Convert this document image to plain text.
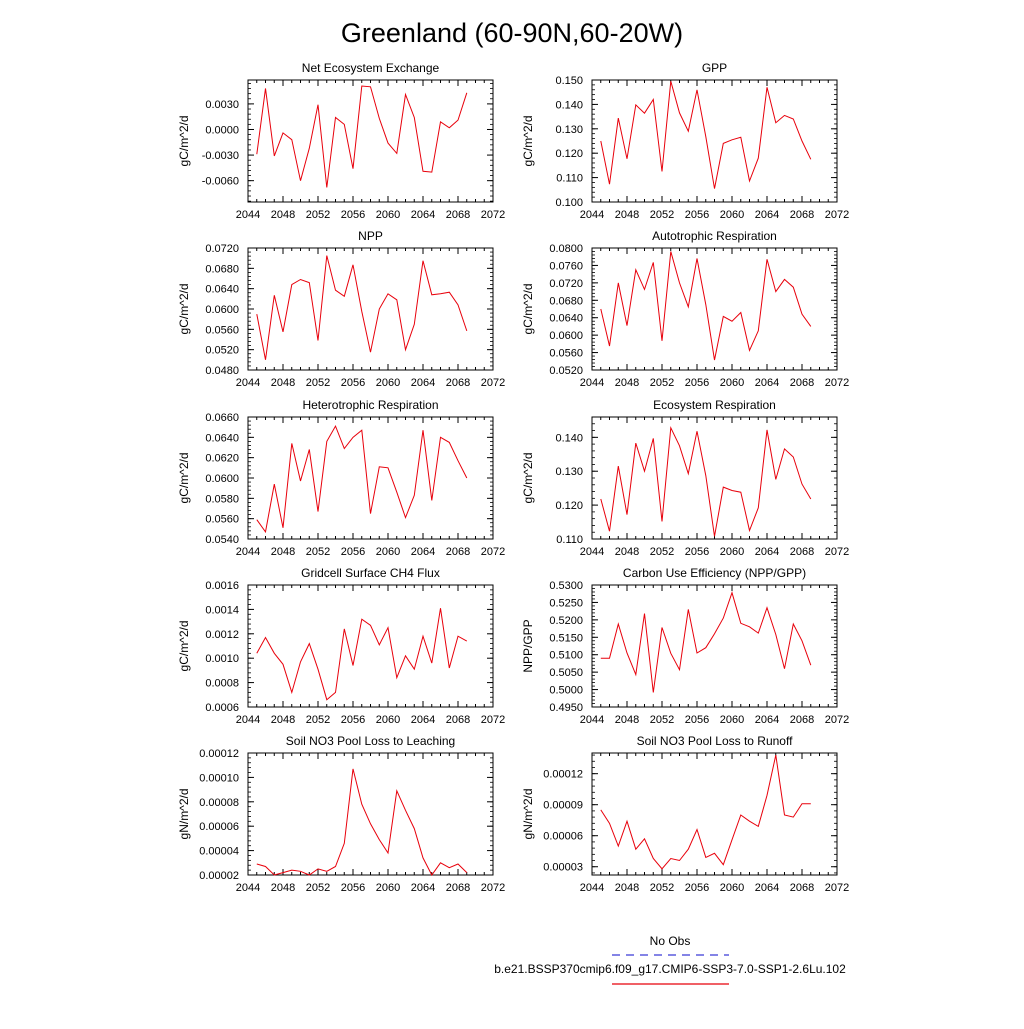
Greenland (60-90N,60-20W)
Net Ecosystem Exchange
gC/m^2/d
2044 2048 2052 2056 2060 2064 2068 2072
-0.0060
-0.0030
0.0000
0.0030
GPP
gC/m^2/d
2044 2048 2052 2056 2060 2064 2068 2072
0.100
0.110
0.120
0.130
0.140
0.150
NPP
gC/m^2/d
2044 2048 2052 2056 2060 2064 2068 2072
0.0480
0.0520
0.0560
0.0600
0.0640
0.0680
0.0720
Autotrophic Respiration
gC/m^2/d
2044 2048 2052 2056 2060 2064 2068 2072
0.0520
0.0560
0.0600
0.0640
0.0680
0.0720
0.0760
0.0800
Heterotrophic Respiration
gC/m^2/d
2044 2048 2052 2056 2060 2064 2068 2072
0.0540
0.0560
0.0580
0.0600
0.0620
0.0640
0.0660
Ecosystem Respiration
gC/m^2/d
2044 2048 2052 2056 2060 2064 2068 2072
0.110
0.120
0.130
0.140
Gridcell Surface CH4 Flux
gC/m^2/d
2044 2048 2052 2056 2060 2064 2068 2072
0.0006
0.0008
0.0010
0.0012
0.0014
0.0016
Carbon Use Efficiency (NPP/GPP)
NPP/GPP
2044 2048 2052 2056 2060 2064 2068 2072
0.4950
0.5000
0.5050
0.5100
0.5150
0.5200
0.5250
0.5300
Soil NO3 Pool Loss to Leaching
gN/m^2/d
2044 2048 2052 2056 2060 2064 2068 2072
0.00002
0.00004
0.00006
0.00008
0.00010
0.00012
Soil NO3 Pool Loss to Runoff
gN/m^2/d
2044 2048 2052 2056 2060 2064 2068 2072
0.00003
0.00006
0.00009
0.00012
No Obs
b.e21.BSSP370cmip6.f09_g17.CMIP6-SSP3-7.0-SSP1-2.6Lu.102
